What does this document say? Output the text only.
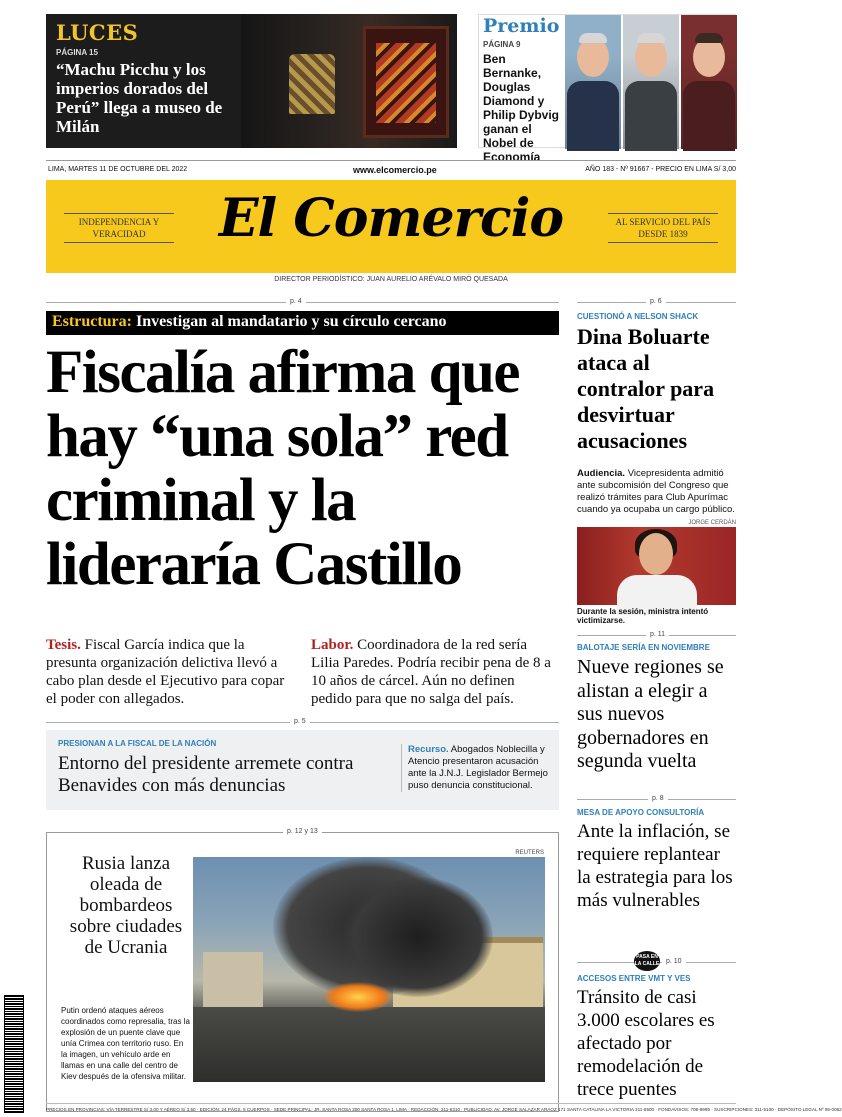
LUCES
PÁGINA 15
“Machu Picchu y los imperios dorados del Perú” llega a museo de Milán
Premio
PÁGINA 9
Ben Bernanke, Douglas Diamond y Philip Dybvig ganan el Nobel de Economía
LIMA, MARTES 11 DE OCTUBRE DEL 2022	www.elcomercio.pe	AÑO 183 - Nº 91667 - PRECIO EN LIMA S/ 3,00
INDEPENDENCIA Y VERACIDAD	El Comercio	AL SERVICIO DEL PAÍS DESDE 1839
DIRECTOR PERIODÍSTICO: JUAN AURELIO ARÉVALO MIRÓ QUESADA
p. 4
Estructura: Investigan al mandatario y su círculo cercano
Fiscalía afirma que hay “una sola” red criminal y la lideraría Castillo
Tesis. Fiscal García indica que la presunta organización delictiva llevó a cabo plan desde el Ejecutivo para copar el poder con allegados.
Labor. Coordinadora de la red sería Lilia Paredes. Podría recibir pena de 8 a 10 años de cárcel. Aún no definen pedido para que no salga del país.
p. 5
PRESIONAN A LA FISCAL DE LA NACIÓN
Entorno del presidente arremete contra Benavides con más denuncias
Recurso. Abogados Noblecilla y Atencio presentaron acusación ante la J.N.J. Legislador Bermejo puso denuncia constitucional.
p. 12 y 13
Rusia lanza oleada de bombardeos sobre ciudades de Ucrania
Putin ordenó ataques aéreos coordinados como represalia, tras la explosión de un puente clave que unía Crimea con territorio ruso. En la imagen, un vehículo arde en llamas en una calle del centro de Kiev después de la ofensiva militar.
REUTERS
p. 6
CUESTIONÓ A NELSON SHACK
Dina Boluarte ataca al contralor para desvirtuar acusaciones
Audiencia. Vicepresidenta admitió ante subcomisión del Congreso que realizó trámites para Club Apurímac cuando ya ocupaba un cargo público.
JORGE CERDÁN
Durante la sesión, ministra intentó victimizarse.
p. 11
BALOTAJE SERÍA EN NOVIEMBRE
Nueve regiones se alistan a elegir a sus nuevos gobernadores en segunda vuelta
p. 8
MESA DE APOYO CONSULTORÍA
Ante la inflación, se requiere replantear la estrategia para los más vulnerables
PASA EN LA CALLE p. 10
ACCESOS ENTRE VMT Y VES
Tránsito de casi 3.000 escolares es afectado por remodelación de trece puentes
PRECIOS EN PROVINCIAS: VÍA TERRESTRE S/ 3,00 Y AÉREO S/ 3,50 · EDICIÓN: 24 PÁGS. 5 CUERPOS · SEDE PRINCIPAL: JR. SANTA ROSA 300 SANTA ROSA 1, LIMA · REDACCIÓN: 311-6310 · PUBLICIDAD: AV. JORGE SALAZAR ARAOZ 171 SANTA CATALINA LA VICTORIA 311-6500 · FONDAVISOS: 708-9999 · SUSCRIPCIONES: 311-5100 · DEPÓSITO LEGAL Nº 95-0052
